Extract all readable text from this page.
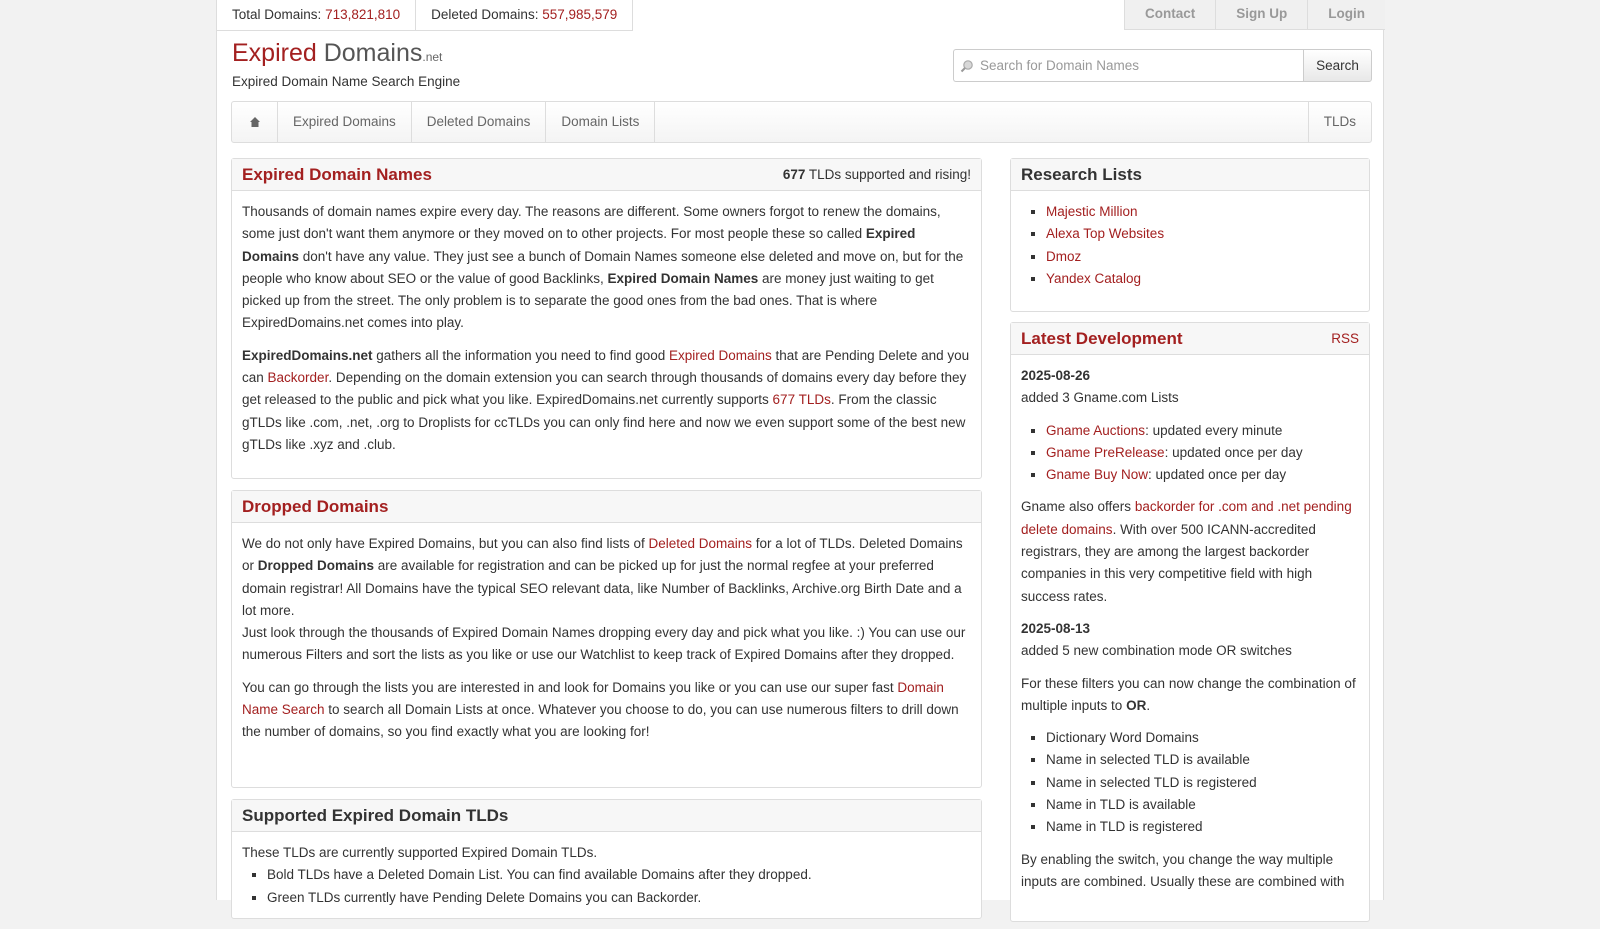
Total Domains: 713,821,810	Deleted Domains: 557,985,579	Contact	Sign Up	Login
Expired Domains.net
Expired Domain Name Search Engine
Search for Domain Names
Search
Expired Domains	Deleted Domains	Domain Lists	TLDs
Expired Domain Names	677 TLDs supported and rising!

Thousands of domain names expire every day. The reasons are different. Some owners forgot to renew the domains, some just don't want them anymore or they moved on to other projects. For most people these so called Expired Domains don't have any value. They just see a bunch of Domain Names someone else deleted and move on, but for the people who know about SEO or the value of good Backlinks, Expired Domain Names are money just waiting to get picked up from the street. The only problem is to separate the good ones from the bad ones. That is where ExpiredDomains.net comes into play.

ExpiredDomains.net gathers all the information you need to find good Expired Domains that are Pending Delete and you can Backorder. Depending on the domain extension you can search through thousands of domains every day before they get released to the public and pick what you like. ExpiredDomains.net currently supports 677 TLDs. From the classic gTLDs like .com, .net, .org to Droplists for ccTLDs you can only find here and now we even support some of the best new gTLDs like .xyz and .club.

Dropped Domains

We do not only have Expired Domains, but you can also find lists of Deleted Domains for a lot of TLDs. Deleted Domains or Dropped Domains are available for registration and can be picked up for just the normal regfee at your preferred domain registrar! All Domains have the typical SEO relevant data, like Number of Backlinks, Archive.org Birth Date and a lot more.
Just look through the thousands of Expired Domain Names dropping every day and pick what you like. :) You can use our numerous Filters and sort the lists as you like or use our Watchlist to keep track of Expired Domains after they dropped.

You can go through the lists you are interested in and look for Domains you like or you can use our super fast Domain Name Search to search all Domain Lists at once. Whatever you choose to do, you can use numerous filters to drill down the number of domains, so you find exactly what you are looking for!

Supported Expired Domain TLDs
These TLDs are currently supported Expired Domain TLDs.
▪ Bold TLDs have a Deleted Domain List. You can find available Domains after they dropped.
▪ Green TLDs currently have Pending Delete Domains you can Backorder.
Research Lists
▪ Majestic Million
▪ Alexa Top Websites
▪ Dmoz
▪ Yandex Catalog
Latest Development	RSS
2025-08-26

added 3 Gname.com Lists

▪ Gname Auctions: updated every minute
▪ Gname PreRelease: updated once per day
▪ Gname Buy Now: updated once per day

Gname also offers backorder for .com and .net pending delete domains. With over 500 ICANN-accredited registrars, they are among the largest backorder companies in this very competitive field with high success rates.

2025-08-13

added 5 new combination mode OR switches

For these filters you can now change the combination of multiple inputs to OR.

▪ Dictionary Word Domains
▪ Name in selected TLD is available
▪ Name in selected TLD is registered
▪ Name in TLD is available
▪ Name in TLD is registered

By enabling the switch, you change the way multiple inputs are combined. Usually these are combined with
